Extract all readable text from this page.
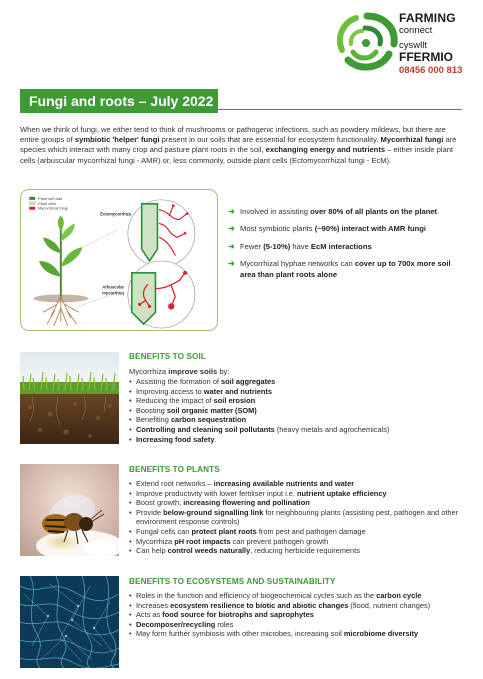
FARMING
connect
cyswllt
FFERMIO
08456 000 813
Fungi and roots – July 2022

When we think of fungi, we either tend to think of mushrooms or pathogenic infections, such as powdery mildews, but there are entire groups of symbiotic 'helper' fungi present in our soils that are essential for ecosystem functionality. Mycorrhizal fungi are species which interact with many crop and pasture plant roots in the soil, exchanging energy and nutrients – either inside plant cells (arbuscular mycorrhizal fungi - AMR) or, less commonly, outside plant cells (Ectomycorrhizal fungi - EcM).

Plant cell wall
Plant cells
Mycorrhizal fungi
Ectomycorrhiza
Arbuscular
mycorrhiza
➜ Involved in assisting over 80% of all plants on the planet.
➜ Most symbiotic plants (~90%) interact with AMR fungi
➜ Fewer (5-10%) have EcM interactions
➜ Mycorrhizal hyphae networks can cover up to 700x more soil area than plant roots alone
BENEFITS TO SOIL
Mycorrhiza improve soils by:
• Assisting the formation of soil aggregates
• Improving access to water and nutrients
• Reducing the impact of soil erosion
• Boosting soil organic matter (SOM)
• Benefiting carbon sequestration
• Controlling and cleaning soil pollutants (heavy metals and agrochemicals)
• Increasing food safety.
BENEFITS TO PLANTS
• Extend root networks – increasing available nutrients and water
• Improve productivity with lower fertiliser input i.e. nutrient uptake efficiency
• Boost growth, increasing flowering and pollination
• Provide below-ground signalling link for neighbouring plants (assisting pest, pathogen and other environment response controls)
• Fungal cells can protect plant roots from pest and pathogen damage
• Mycorrhiza pH root impacts can prevent pathogen growth
• Can help control weeds naturally, reducing herbicide requirements
BENEFITS TO ECOSYSTEMS AND SUSTAINABILITY
• Roles in the function and efficiency of biogeochemical cycles such as the carbon cycle
• Increases ecosystem resilience to biotic and abiotic changes (flood, nutrient changes)
• Acts as food source for biotrophs and saprophytes
• Decomposer/recycling roles
• May form further symbiosis with other microbes, increasing soil microbiome diversity
